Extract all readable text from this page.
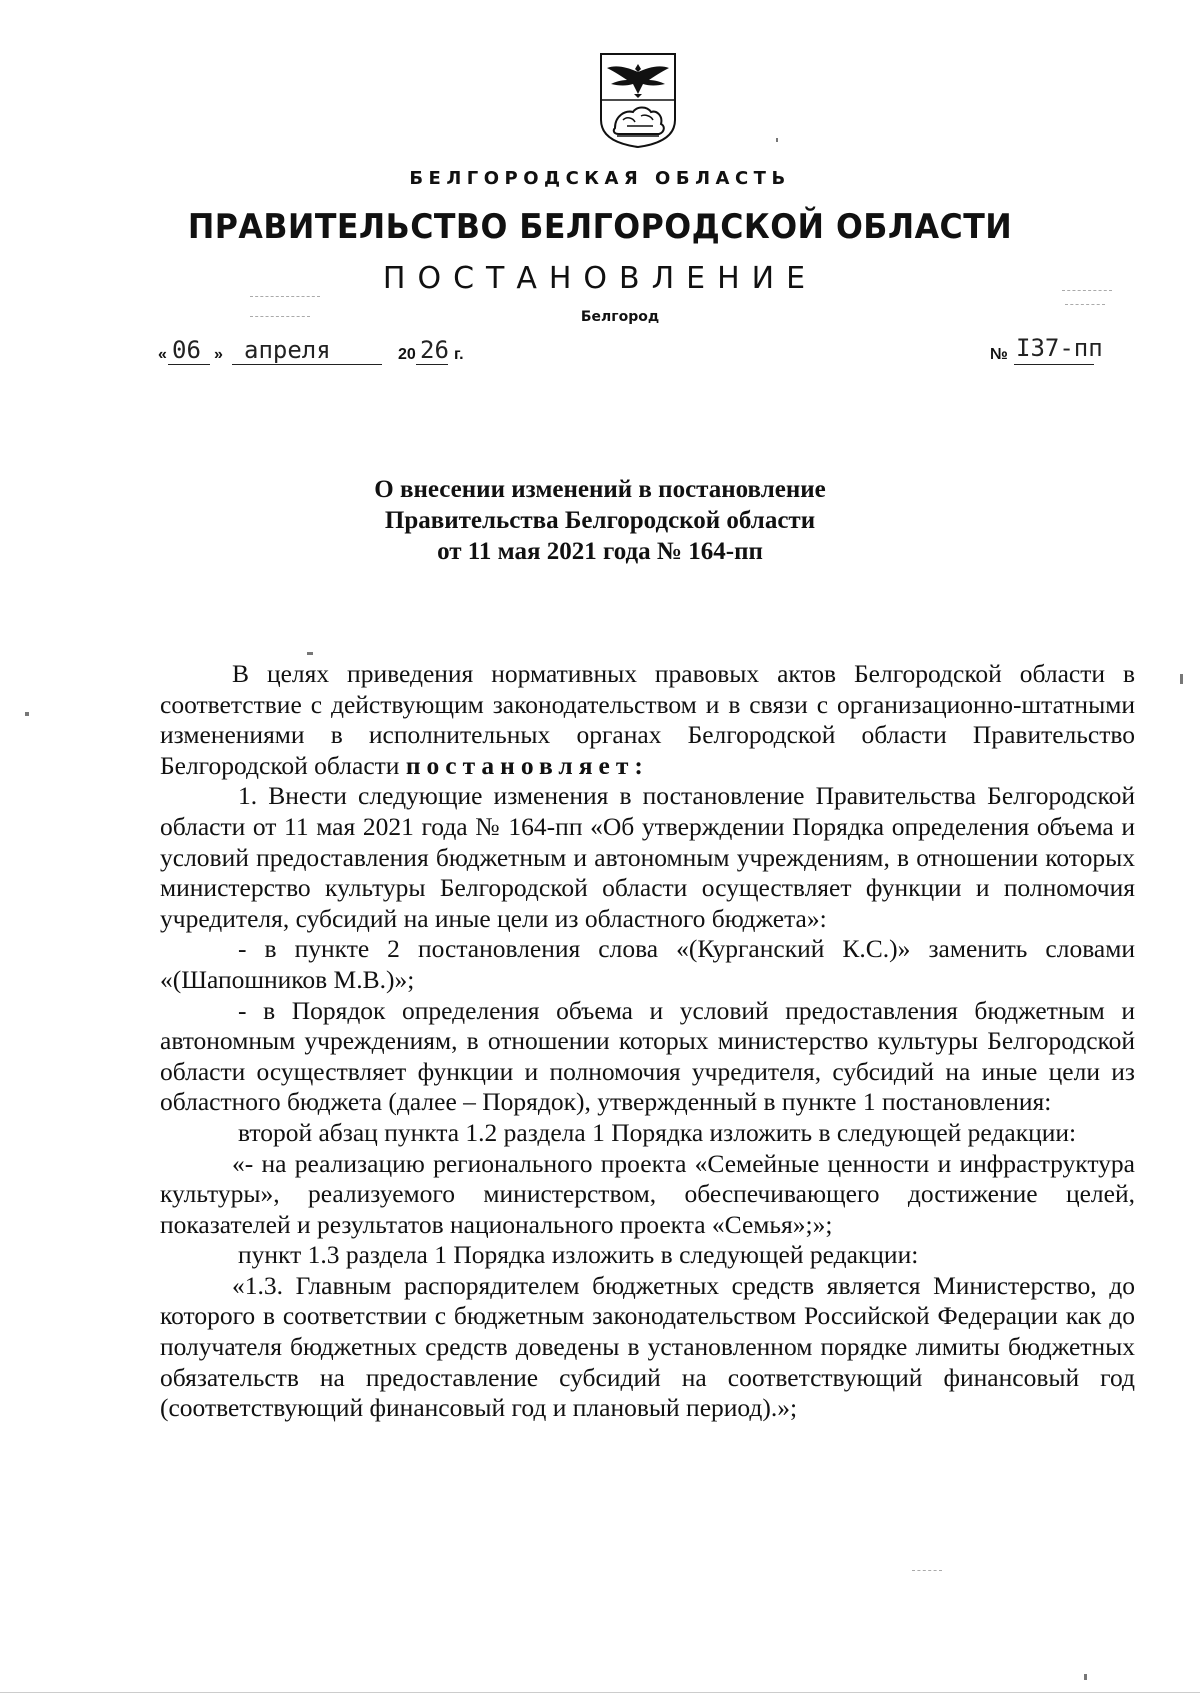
БЕЛГОРОДСКАЯ ОБЛАСТЬ
ПРАВИТЕЛЬСТВО БЕЛГОРОДСКОЙ ОБЛАСТИ
ПОСТАНОВЛЕНИЕ
Белгород
« 06 » апреля	20 26 г.	№ I37-пп
О внесении изменений в постановление
Правительства Белгородской области
от 11 мая 2021 года № 164-пп

В целях приведения нормативных правовых актов Белгородской области в соответствие с действующим законодательством и в связи с организационно-штатными изменениями в исполнительных органах Белгородской области Правительство Белгородской области постановляет:

1. Внести следующие изменения в постановление Правительства Белгородской области от 11 мая 2021 года № 164-пп «Об утверждении Порядка определения объема и условий предоставления бюджетным и автономным учреждениям, в отношении которых министерство культуры Белгородской области осуществляет функции и полномочия учредителя, субсидий на иные цели из областного бюджета»:

- в пункте 2 постановления слова «(Курганский К.С.)» заменить словами «(Шапошников М.В.)»;

- в Порядок определения объема и условий предоставления бюджетным и автономным учреждениям, в отношении которых министерство культуры Белгородской области осуществляет функции и полномочия учредителя, субсидий на иные цели из областного бюджета (далее – Порядок), утвержденный в пункте 1 постановления:

второй абзац пункта 1.2 раздела 1 Порядка изложить в следующей редакции:

«- на реализацию регионального проекта «Семейные ценности и инфраструктура культуры», реализуемого министерством, обеспечивающего достижение целей, показателей и результатов национального проекта «Семья»;»;

пункт 1.3 раздела 1 Порядка изложить в следующей редакции:

«1.3. Главным распорядителем бюджетных средств является Министерство, до которого в соответствии с бюджетным законодательством Российской Федерации как до получателя бюджетных средств доведены в установленном порядке лимиты бюджетных обязательств на предоставление субсидий на соответствующий финансовый год (соответствующий финансовый год и плановый период).»;
